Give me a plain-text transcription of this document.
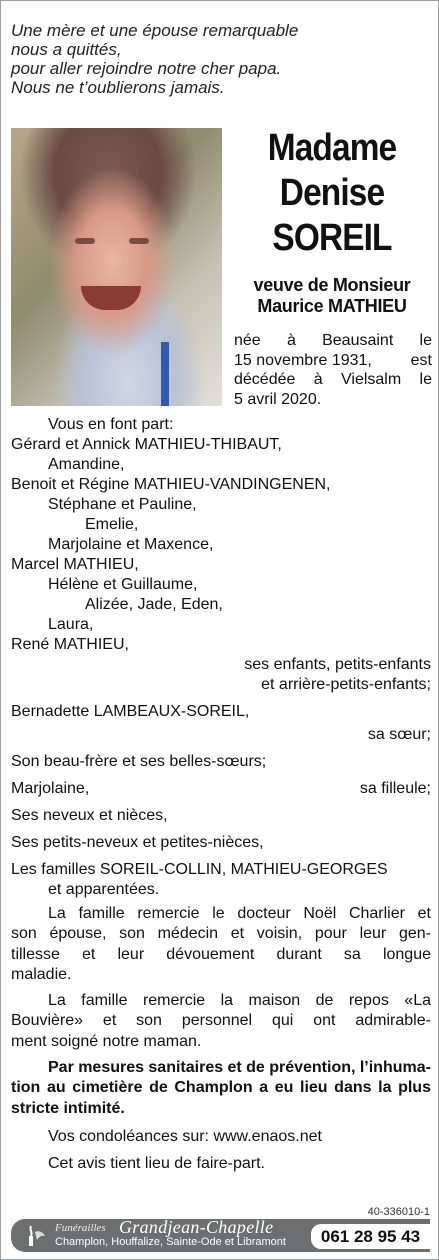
Une mère et une épouse remarquable
nous a quittés,
pour aller rejoindre notre cher papa.
Nous ne t’oublierons jamais.
Madame
Denise
SOREIL
veuve de Monsieur
Maurice MATHIEU
née à Beausaint le
15 novembre 1931, est
décédée à Vielsalm le
5 avril 2020.
Vous en font part:
Gérard et Annick MATHIEU-THIBAUT,
Amandine,
Benoit et Régine MATHIEU-VANDINGENEN,
Stéphane et Pauline,
Emelie,
Marjolaine et Maxence,
Marcel MATHIEU,
Hélène et Guillaume,
Alizée, Jade, Eden,
Laura,
René MATHIEU,
ses enfants, petits-enfants
et arrière-petits-enfants;
Bernadette LAMBEAUX-SOREIL,
sa sœur;
Son beau-frère et ses belles-sœurs;
Marjolaine,	sa filleule;
Ses neveux et nièces,
Ses petits-neveux et petites-nièces,
Les familles SOREIL-COLLIN, MATHIEU-GEORGES
et apparentées.
La famille remercie le docteur Noël Charlier et
son épouse, son médecin et voisin, pour leur gen-
tillesse et leur dévouement durant sa longue
maladie.
La famille remercie la maison de repos «La
Bouvière» et son personnel qui ont admirable-
ment soigné notre maman.
Par mesures sanitaires et de prévention, l’inhuma-
tion au cimetière de Champlon a eu lieu dans la plus
stricte intimité.
Vos condoléances sur: www.enaos.net
Cet avis tient lieu de faire-part.
40-336010-1
Funérailles Grandjean-Chapelle
Champlon, Houffalize, Sainte-Ode et Libramont	061 28 95 43
